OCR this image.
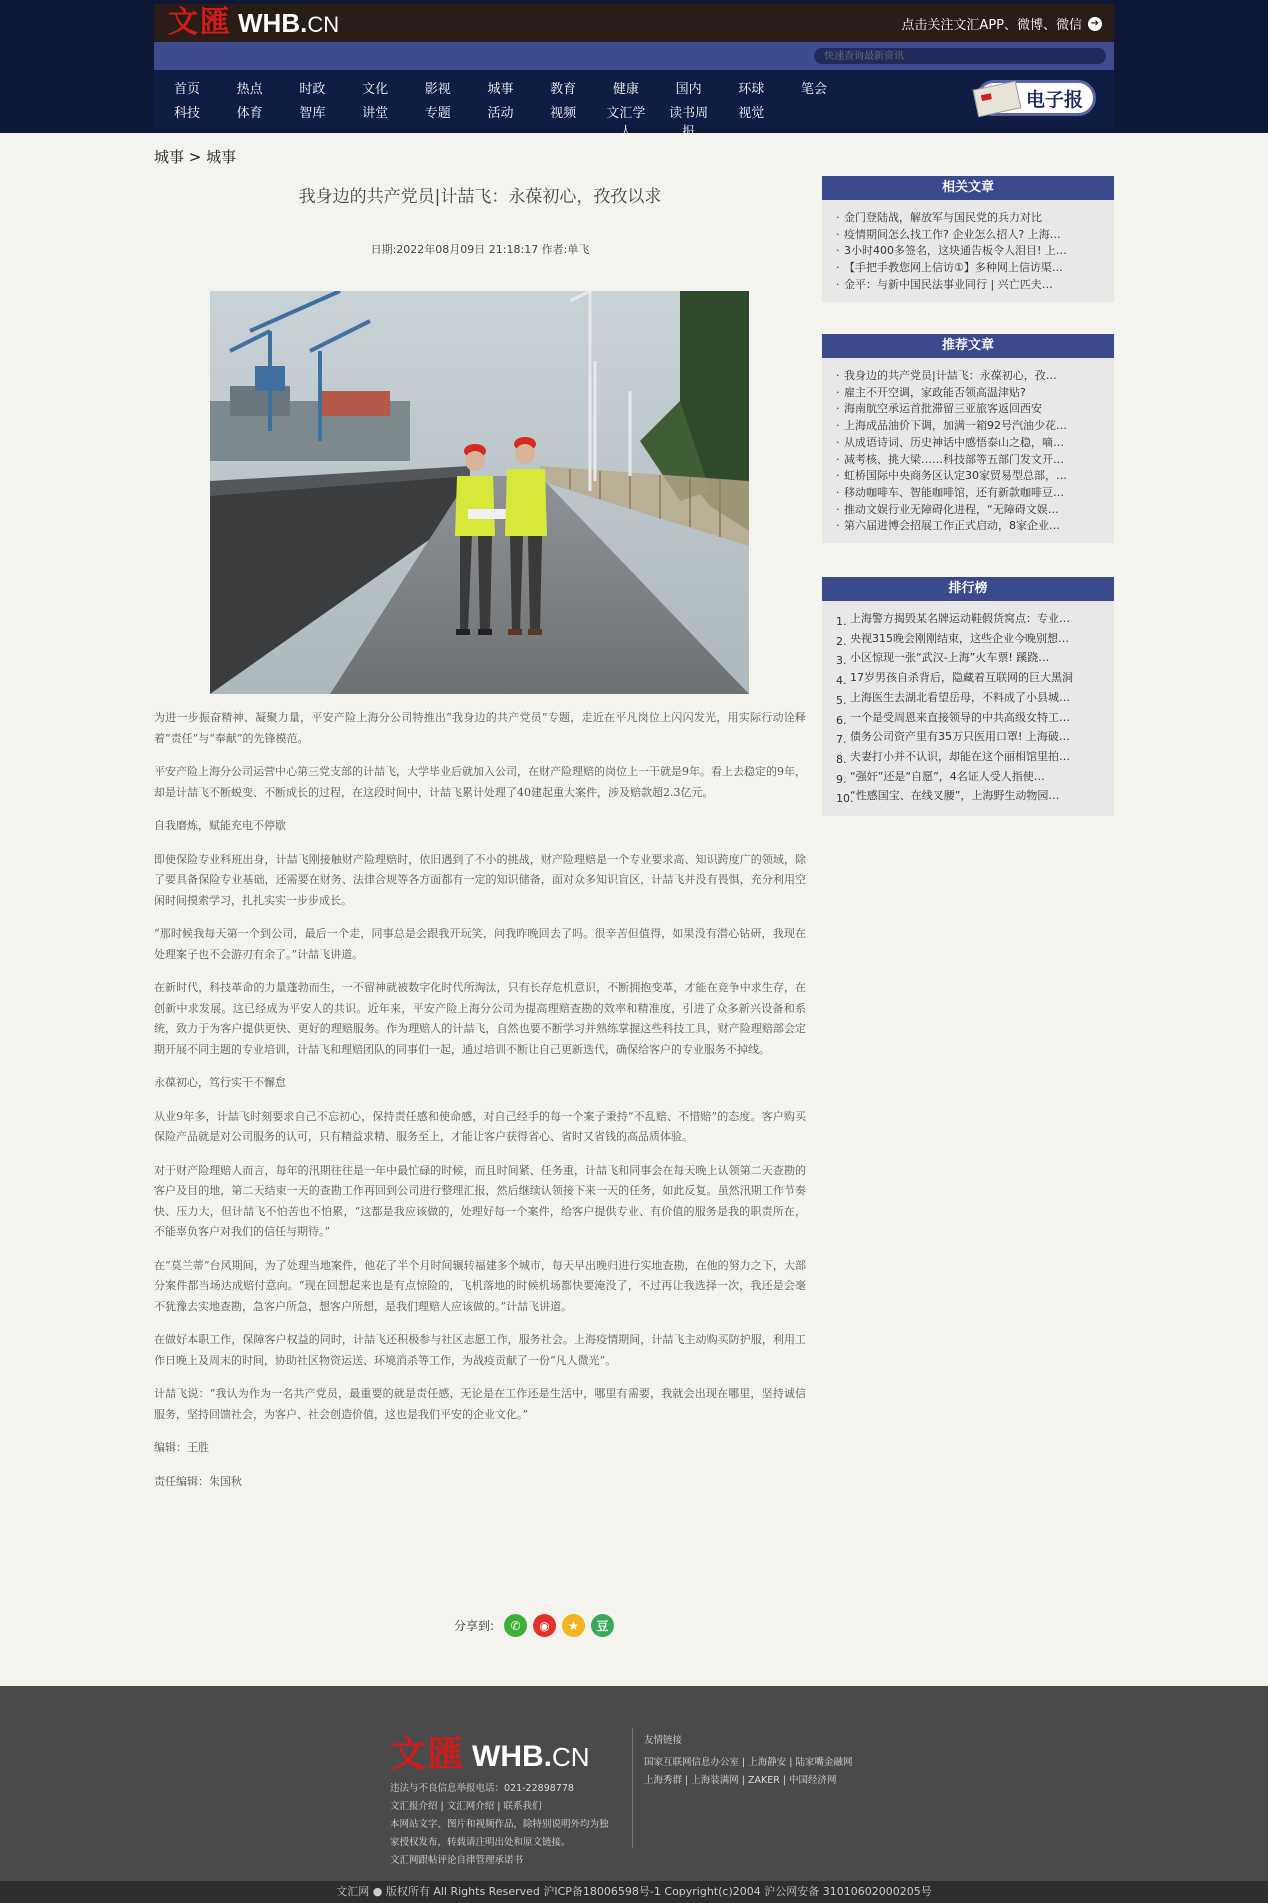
文匯 WHB.CN	点击关注文汇APP、微博、微信 ➔
快速查询最新资讯
首页	热点	时政	文化	影视	城事	教育	健康	国内	环球	笔会
科技	体育	智库	讲堂	专题	活动	视频	文汇学人
读书周报
视觉
电子报
城事 > 城事
我身边的共产党员|计喆飞：永葆初心，孜孜以求
日期:2022年08月09日 21:18:17 作者:单飞

为进一步振奋精神、凝聚力量，平安产险上海分公司特推出“我身边的共产党员”专题，走近在平凡岗位上闪闪发光，用实际行动诠释着“责任”与“奉献”的先锋模范。

平安产险上海分公司运营中心第三党支部的计喆飞，大学毕业后就加入公司，在财产险理赔的岗位上一干就是9年。看上去稳定的9年，却是计喆飞不断蜕变、不断成长的过程，在这段时间中，计喆飞累计处理了40建起重大案件，涉及赔款超2.3亿元。

自我磨炼，赋能充电不停歇

即使保险专业科班出身，计喆飞刚接触财产险理赔时，依旧遇到了不小的挑战，财产险理赔是一个专业要求高、知识跨度广的领域，除了要具备保险专业基础，还需要在财务、法律合规等各方面都有一定的知识储备，面对众多知识盲区，计喆飞并没有畏惧，充分利用空闲时间摸索学习，扎扎实实一步步成长。

“那时候我每天第一个到公司，最后一个走，同事总是会跟我开玩笑，问我昨晚回去了吗。很辛苦但值得，如果没有潜心钻研，我现在处理案子也不会游刃有余了。”计喆飞讲道。

在新时代，科技革命的力量蓬勃而生，一不留神就被数字化时代所淘汰，只有长存危机意识，不断拥抱变革，才能在竞争中求生存，在创新中求发展。这已经成为平安人的共识。近年来，平安产险上海分公司为提高理赔查勘的效率和精准度，引进了众多新兴设备和系统，致力于为客户提供更快、更好的理赔服务。作为理赔人的计喆飞，自然也要不断学习并熟练掌握这些科技工具，财产险理赔部会定期开展不同主题的专业培训，计喆飞和理赔团队的同事们一起，通过培训不断让自己更新迭代，确保给客户的专业服务不掉线。

永葆初心，笃行实干不懈怠

从业9年多，计喆飞时刻要求自己不忘初心，保持责任感和使命感，对自己经手的每一个案子秉持“不乱赔、不惜赔”的态度。客户购买保险产品就是对公司服务的认可，只有精益求精、服务至上，才能让客户获得省心、省时又省钱的高品质体验。

对于财产险理赔人而言，每年的汛期往往是一年中最忙碌的时候，而且时间紧、任务重，计喆飞和同事会在每天晚上认领第二天查勘的客户及目的地，第二天结束一天的查勘工作再回到公司进行整理汇报，然后继续认领接下来一天的任务，如此反复。虽然汛期工作节奏快、压力大，但计喆飞不怕苦也不怕累，“这都是我应该做的，处理好每一个案件，给客户提供专业、有价值的服务是我的职责所在，不能辜负客户对我们的信任与期待。”

在“莫兰蒂”台风期间，为了处理当地案件，他花了半个月时间辗转福建多个城市，每天早出晚归进行实地查勘，在他的努力之下，大部分案件都当场达成赔付意向。“现在回想起来也是有点惊险的，飞机落地的时候机场都快要淹没了，不过再让我选择一次，我还是会毫不犹豫去实地查勘，急客户所急，想客户所想，是我们理赔人应该做的。”计喆飞讲道。

在做好本职工作，保障客户权益的同时，计喆飞还积极参与社区志愿工作，服务社会。上海疫情期间，计喆飞主动购买防护服，利用工作日晚上及周末的时间，协助社区物资运送、环境消杀等工作，为战疫贡献了一份“凡人微光”。

计喆飞说：“我认为作为一名共产党员，最重要的就是责任感，无论是在工作还是生活中，哪里有需要，我就会出现在哪里，坚持诚信服务，坚持回馈社会，为客户、社会创造价值，这也是我们平安的企业文化。”

编辑：王胜

责任编辑：朱国秋

分享到:	✆	◉	★	豆
相关文章
· 金门登陆战，解放军与国民党的兵力对比
· 疫情期间怎么找工作? 企业怎么招人? 上海…
· 3小时400多签名，这块通告板令人泪目! 上…
· 【手把手教您网上信访①】多种网上信访渠…
· 金平：与新中国民法事业同行 | 兴亡匹夫…
推荐文章
· 我身边的共产党员|计喆飞：永葆初心，孜…
· 雇主不开空调，家政能否领高温津贴?
· 海南航空承运首批滞留三亚旅客返回西安
· 上海成品油价下调，加满一箱92号汽油少花…
· 从成语诗词、历史神话中感悟泰山之稳，嘀…
· 减考核、挑大梁……科技部等五部门发文开…
· 虹桥国际中央商务区认定30家贸易型总部，…
· 移动咖啡车、智能咖啡馆，还有新款咖啡豆…
· 推动文娱行业无障碍化进程，“无障碍文娱…
· 第六届进博会招展工作正式启动，8家企业…
排行榜
1. 上海警方揭毁某名牌运动鞋假货窝点：专业…
2. 央视315晚会刚刚结束，这些企业今晚别想…
3. 小区惊现一张“武汉-上海”火车票! 蹊跷…
4. 17岁男孩自杀背后，隐藏着互联网的巨大黑洞
5. 上海医生去湖北看望岳母，不料成了小县城…
6. 一个是受周恩来直接领导的中共高级女特工…
7. 债务公司资产里有35万只医用口罩! 上海破…
8. 夫妻打小并不认识，却能在这个丽相馆里拍…
9. “强奸”还是“自愿”，4名证人受人指使…
10.“性感国宝、在线叉腰”，上海野生动物园…
文匯 WHB.CN
违法与不良信息举报电话：021-22898778
文汇报介绍 | 文汇网介绍 | 联系我们
本网站文字、图片和视频作品，除特别说明外均为独
家授权发布，转载请注明出处和原文链接。
文汇网跟帖评论自律管理承诺书
友情链接
国家互联网信息办公室 | 上海静安 | 陆家嘴金融网
上海秀群 | 上海装满网 | ZAKER | 中国经济网
文汇网 ● 版权所有 All Rights Reserved 沪ICP备18006598号-1 Copyright(c)2004 沪公网安备 31010602000205号
